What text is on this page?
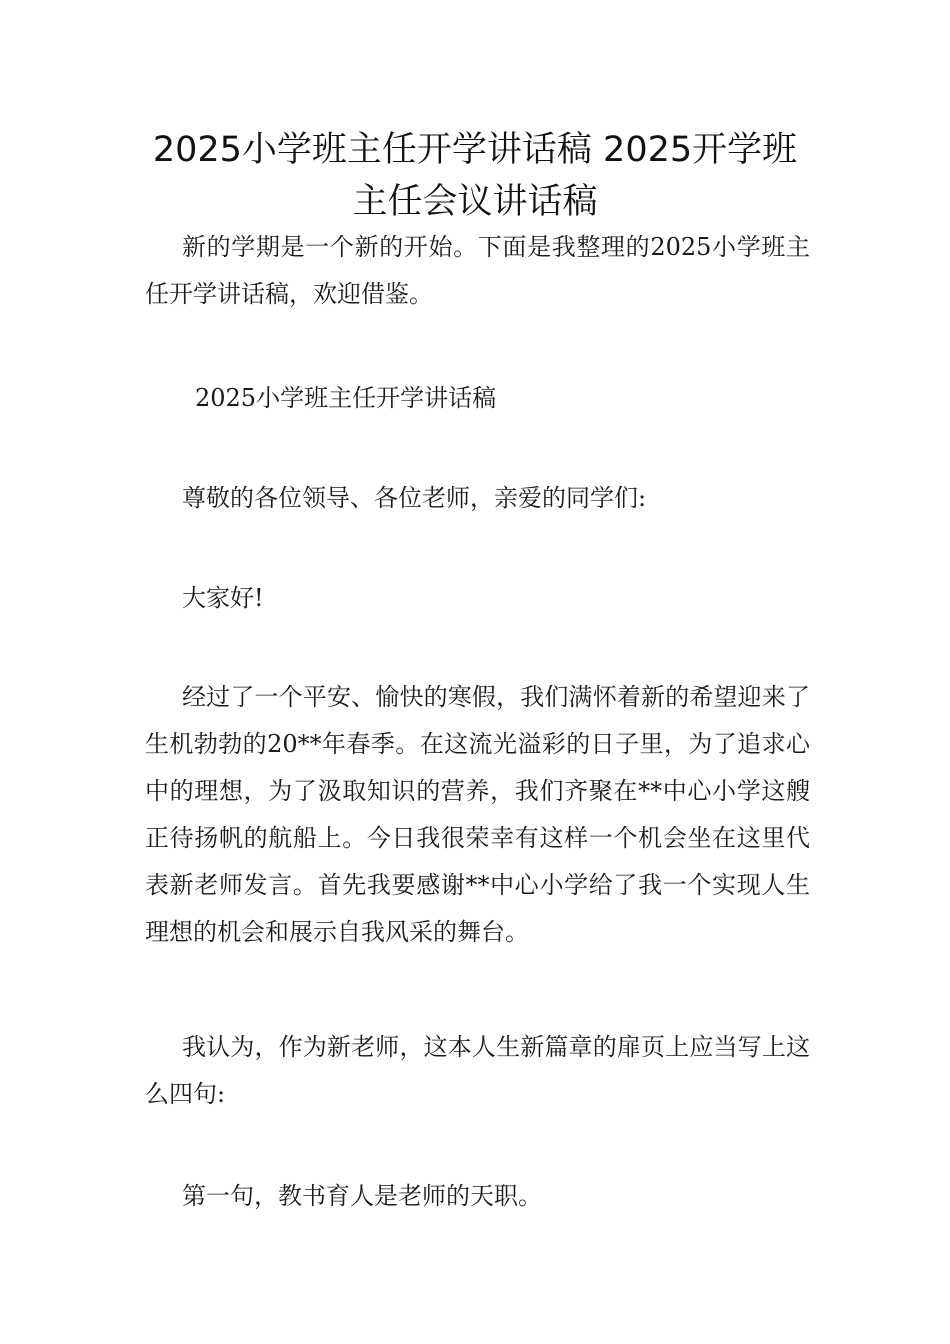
2025小学班主任开学讲话稿 2025开学班主任会议讲话稿

新的学期是一个新的开始。下面是我整理的2025小学班主任开学讲话稿，欢迎借鉴。

2025小学班主任开学讲话稿

尊敬的各位领导、各位老师，亲爱的同学们:

大家好!

经过了一个平安、愉快的寒假，我们满怀着新的希望迎来了生机勃勃的20**年春季。在这流光溢彩的日子里，为了追求心中的理想，为了汲取知识的营养，我们齐聚在**中心小学这艘正待扬帆的航船上。今日我很荣幸有这样一个机会坐在这里代表新老师发言。首先我要感谢**中心小学给了我一个实现人生理想的机会和展示自我风采的舞台。

我认为，作为新老师，这本人生新篇章的扉页上应当写上这么四句:

第一句，教书育人是老师的天职。
